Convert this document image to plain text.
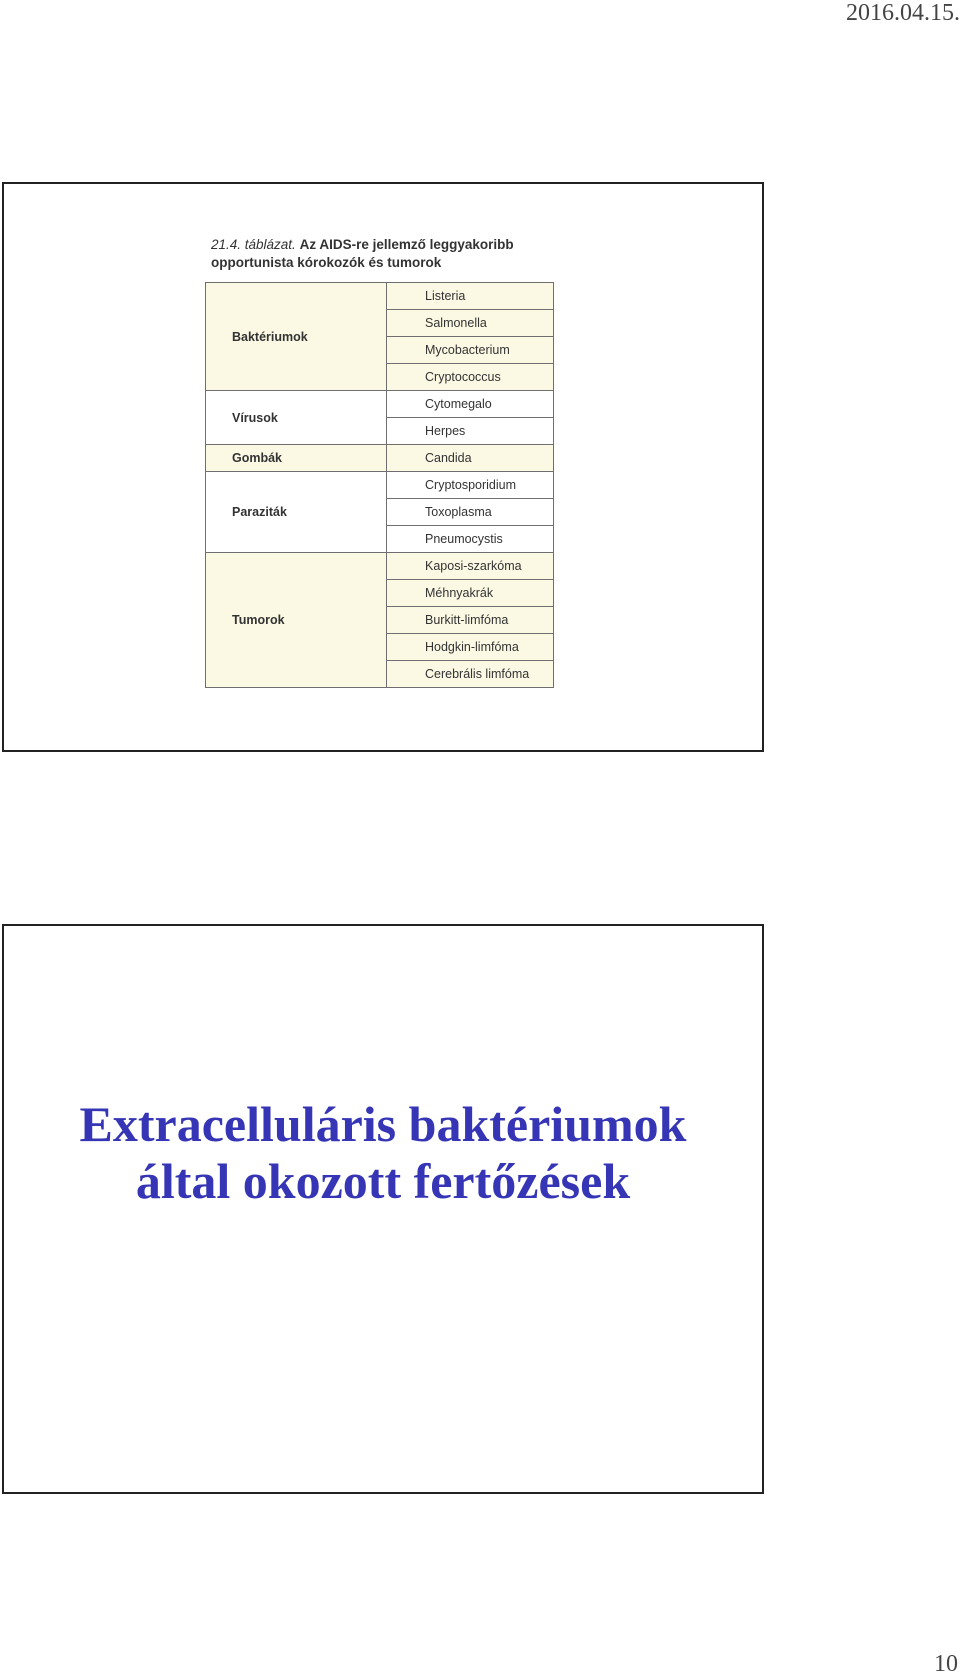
2016.04.15.
21.4. táblázat. Az AIDS-re jellemző leggyakoribb opportunista kórokozók és tumorok
Baktériumok	Listeria
	Salmonella
	Mycobacterium
	Cryptococcus
Vírusok	Cytomegalo
	Herpes
Gombák	Candida
Paraziták	Cryptosporidium
	Toxoplasma
	Pneumocystis
Tumorok	Kaposi-szarkóma
	Méhnyakrák
	Burkitt-limfóma
	Hodgkin-limfóma
	Cerebrális limfóma
Extracelluláris baktériumok
által okozott fertőzések
10
